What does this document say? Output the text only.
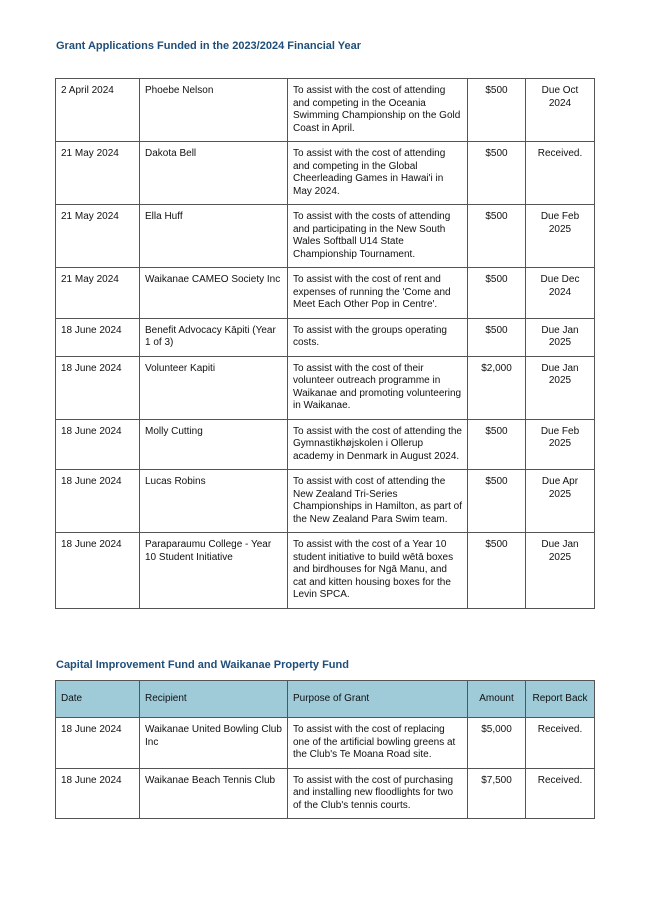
Grant Applications Funded in the 2023/2024 Financial Year
2 April 2024	Phoebe Nelson	To assist with the cost of attending and competing in the Oceania Swimming Championship on the Gold Coast in April.	$500	Due Oct 2024
21 May 2024	Dakota Bell	To assist with the cost of attending and competing in the Global Cheerleading Games in Hawai'i in May 2024.	$500	Received.
21 May 2024	Ella Huff	To assist with the costs of attending and participating in the New South Wales Softball U14 State Championship Tournament.	$500	Due Feb 2025
21 May 2024	Waikanae CAMEO Society Inc	To assist with the cost of rent and expenses of running the 'Come and Meet Each Other Pop in Centre'.	$500	Due Dec 2024
18 June 2024	Benefit Advocacy Kāpiti (Year 1 of 3)	To assist with the groups operating costs.	$500	Due Jan 2025
18 June 2024	Volunteer Kapiti	To assist with the cost of their volunteer outreach programme in Waikanae and promoting volunteering in Waikanae.	$2,000	Due Jan 2025
18 June 2024	Molly Cutting	To assist with the cost of attending the Gymnastikhøjskolen i Ollerup academy in Denmark in August 2024.	$500	Due Feb 2025
18 June 2024	Lucas Robins	To assist with cost of attending the New Zealand Tri-Series Championships in Hamilton, as part of the New Zealand Para Swim team.	$500	Due Apr 2025
18 June 2024	Paraparaumu College - Year 10 Student Initiative	To assist with the cost of a Year 10 student initiative to build wētā boxes and birdhouses for Ngā Manu, and cat and kitten housing boxes for the Levin SPCA.	$500	Due Jan 2025
Capital Improvement Fund and Waikanae Property Fund
Date	Recipient	Purpose of Grant	Amount	Report Back
18 June 2024	Waikanae United Bowling Club Inc	To assist with the cost of replacing one of the artificial bowling greens at the Club's Te Moana Road site.	$5,000	Received.
18 June 2024	Waikanae Beach Tennis Club	To assist with the cost of purchasing and installing new floodlights for two of the Club's tennis courts.	$7,500	Received.
